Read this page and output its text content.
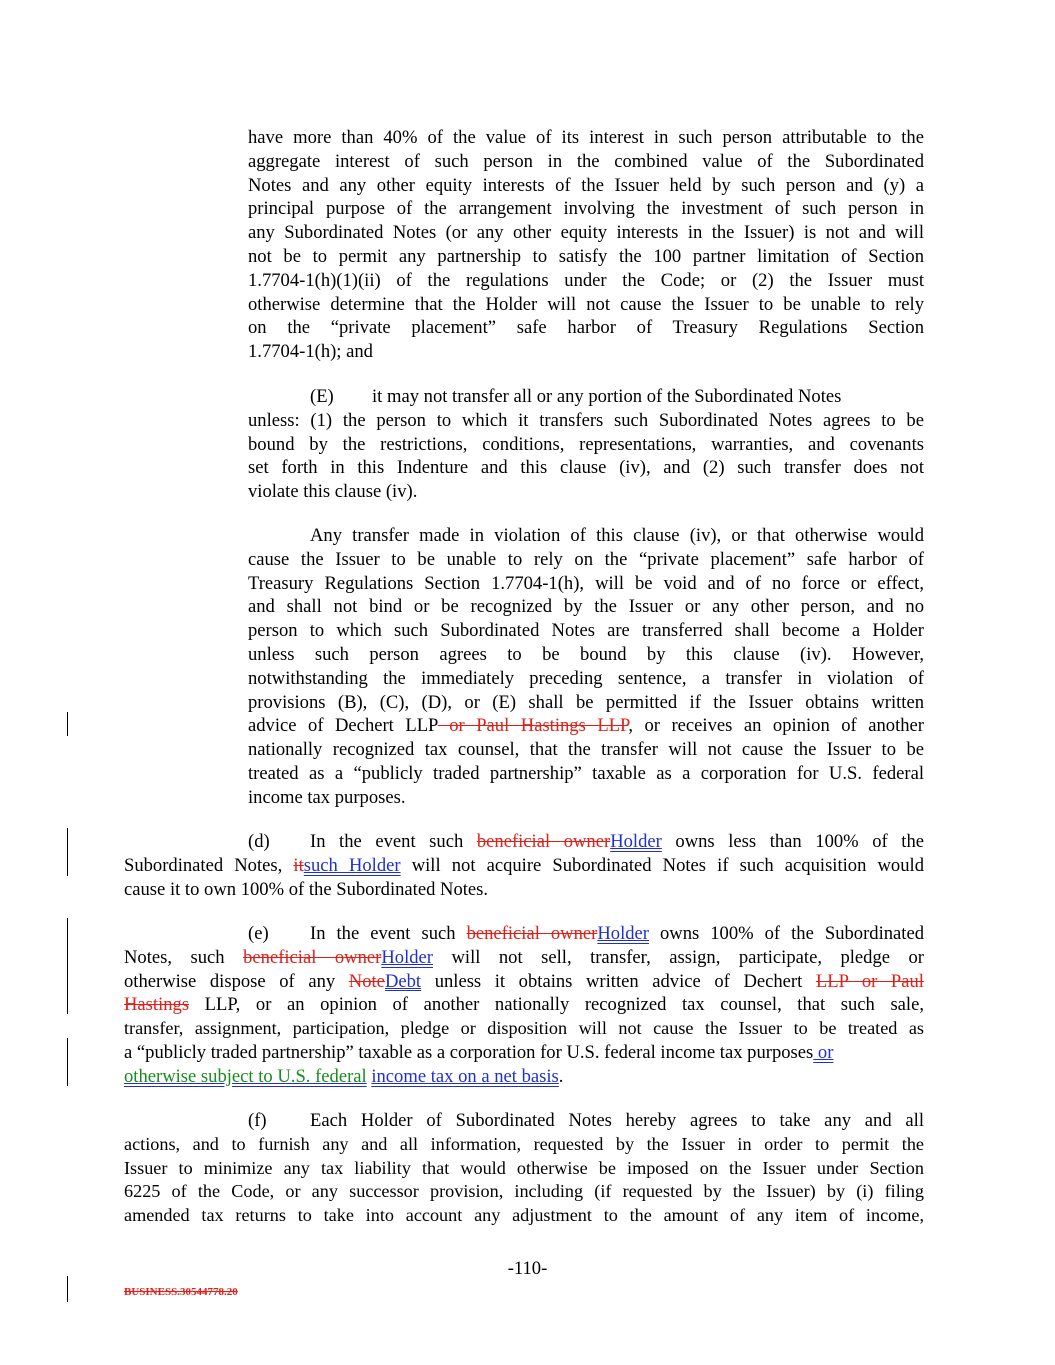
have more than 40% of the value of its interest in such person attributable to the
aggregate interest of such person in the combined value of the Subordinated
Notes and any other equity interests of the Issuer held by such person and (y) a
principal purpose of the arrangement involving the investment of such person in
any Subordinated Notes (or any other equity interests in the Issuer) is not and will
not be to permit any partnership to satisfy the 100 partner limitation of Section
1.7704-1(h)(1)(ii) of the regulations under the Code; or (2) the Issuer must
otherwise determine that the Holder will not cause the Issuer to be unable to rely
on the “private placement” safe harbor of Treasury Regulations Section
1.7704-1(h); and
(E) it may not transfer all or any portion of the Subordinated Notes
unless: (1) the person to which it transfers such Subordinated Notes agrees to be
bound by the restrictions, conditions, representations, warranties, and covenants
set forth in this Indenture and this clause (iv), and (2) such transfer does not
violate this clause (iv).
Any transfer made in violation of this clause (iv), or that otherwise would
cause the Issuer to be unable to rely on the “private placement” safe harbor of
Treasury Regulations Section 1.7704-1(h), will be void and of no force or effect,
and shall not bind or be recognized by the Issuer or any other person, and no
person to which such Subordinated Notes are transferred shall become a Holder
unless such person agrees to be bound by this clause (iv). However,
notwithstanding the immediately preceding sentence, a transfer in violation of
provisions (B), (C), (D), or (E) shall be permitted if the Issuer obtains written
advice of Dechert LLP or Paul Hastings LLP, or receives an opinion of another
nationally recognized tax counsel, that the transfer will not cause the Issuer to be
treated as a “publicly traded partnership” taxable as a corporation for U.S. federal
income tax purposes.
(d) In the event such beneficial ownerHolder owns less than 100% of the
Subordinated Notes, itsuch Holder will not acquire Subordinated Notes if such acquisition would
cause it to own 100% of the Subordinated Notes.
(e) In the event such beneficial ownerHolder owns 100% of the Subordinated
Notes, such beneficial ownerHolder will not sell, transfer, assign, participate, pledge or
otherwise dispose of any NoteDebt unless it obtains written advice of Dechert LLP or Paul
Hastings LLP, or an opinion of another nationally recognized tax counsel, that such sale,
transfer, assignment, participation, pledge or disposition will not cause the Issuer to be treated as
a “publicly traded partnership” taxable as a corporation for U.S. federal income tax purposes or
otherwise subject to U.S. federal income tax on a net basis.
(f) Each Holder of Subordinated Notes hereby agrees to take any and all
actions, and to furnish any and all information, requested by the Issuer in order to permit the
Issuer to minimize any tax liability that would otherwise be imposed on the Issuer under Section
6225 of the Code, or any successor provision, including (if requested by the Issuer) by (i) filing
amended tax returns to take into account any adjustment to the amount of any item of income,
-110-
BUSINESS.30544778.20
